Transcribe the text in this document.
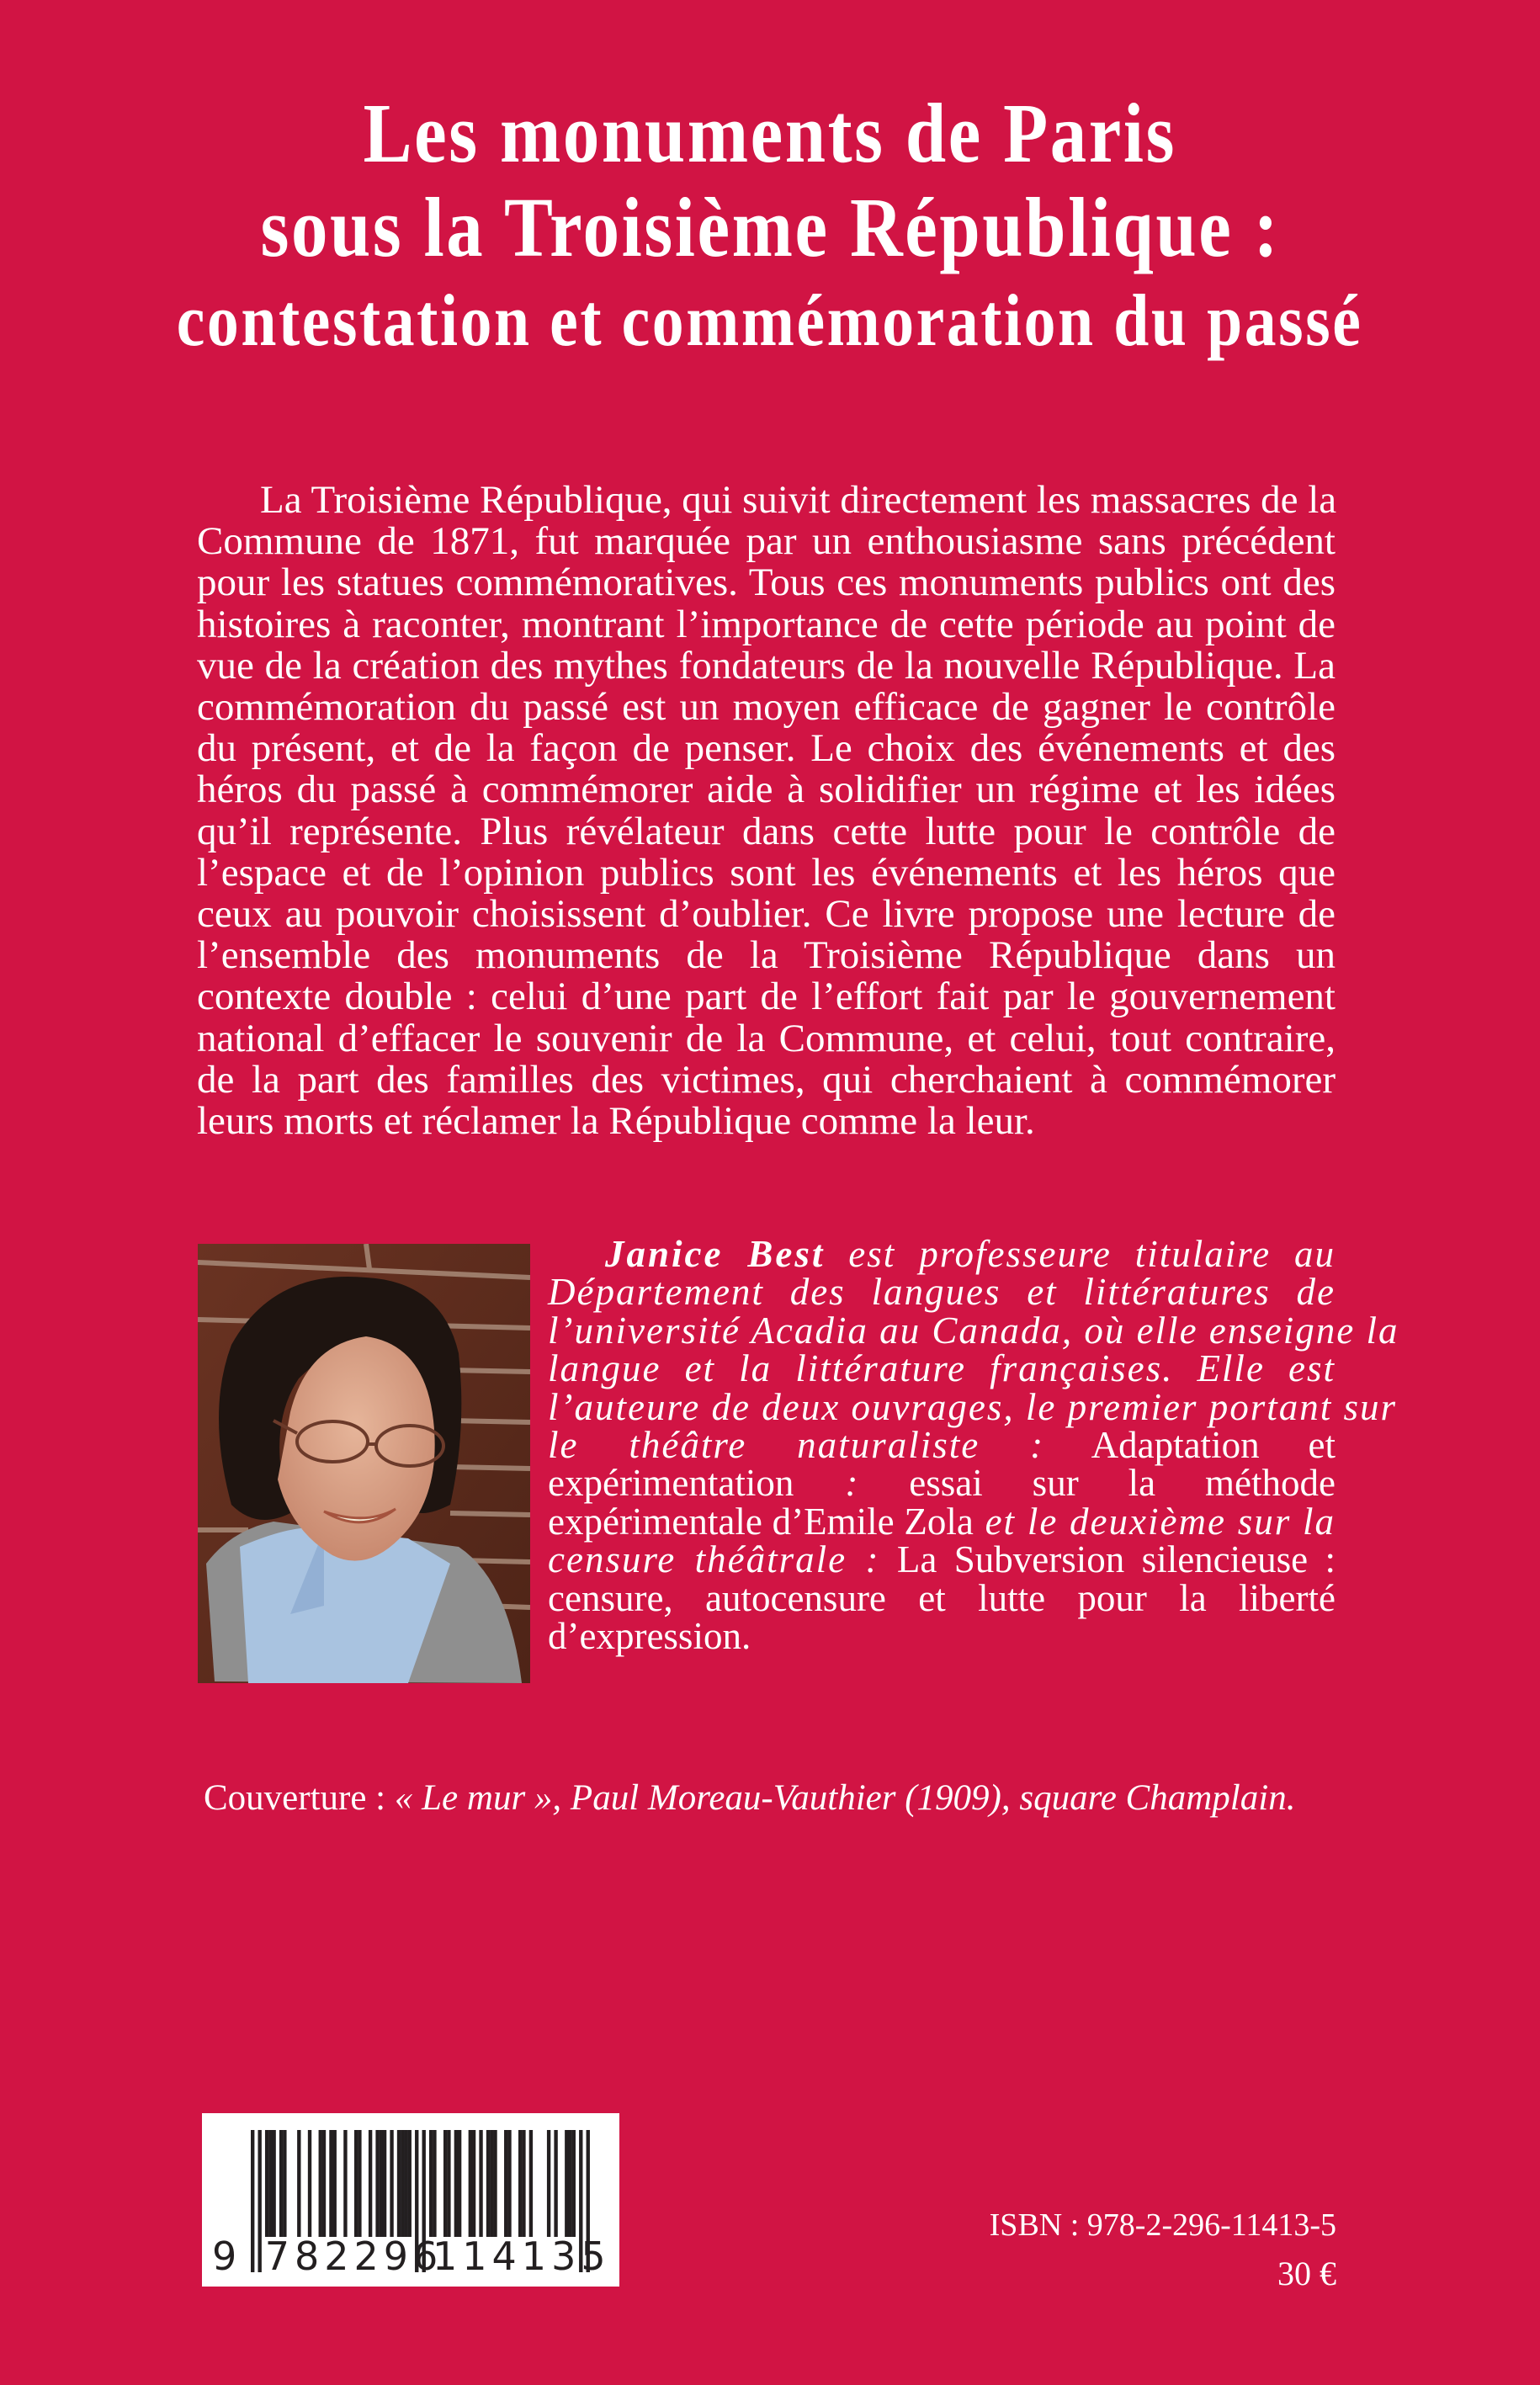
Les monuments de Paris
sous la Troisième République :
contestation et commémoration du passé
La Troisième République, qui suivit directement les massacres de la
Commune de 1871, fut marquée par un enthousiasme sans précédent
pour les statues commémoratives. Tous ces monuments publics ont des
histoires à raconter, montrant l’importance de cette période au point de
vue de la création des mythes fondateurs de la nouvelle République. La
commémoration du passé est un moyen efficace de gagner le contrôle
du présent, et de la façon de penser. Le choix des événements et des
héros du passé à commémorer aide à solidifier un régime et les idées
qu’il représente. Plus révélateur dans cette lutte pour le contrôle de
l’espace et de l’opinion publics sont les événements et les héros que
ceux au pouvoir choisissent d’oublier. Ce livre propose une lecture de
l’ensemble des monuments de la Troisième République dans un
contexte double : celui d’une part de l’effort fait par le gouvernement
national d’effacer le souvenir de la Commune, et celui, tout contraire,
de la part des familles des victimes, qui cherchaient à commémorer
leurs morts et réclamer la République comme la leur.
Janice Best est professeure titulaire au
Département des langues et littératures de
l’université Acadia au Canada, où elle enseigne la
langue et la littérature françaises. Elle est
l’auteure de deux ouvrages, le premier portant sur
le théâtre naturaliste : Adaptation et
expérimentation : essai sur la méthode
expérimentale d’Emile Zola et le deuxième sur la
censure théâtrale : La Subversion silencieuse :
censure, autocensure et lutte pour la liberté
d’expression.
Couverture : « Le mur », Paul Moreau-Vauthier (1909), square Champlain.
9 782296
114135
ISBN : 978-2-296-11413-5
30 €
